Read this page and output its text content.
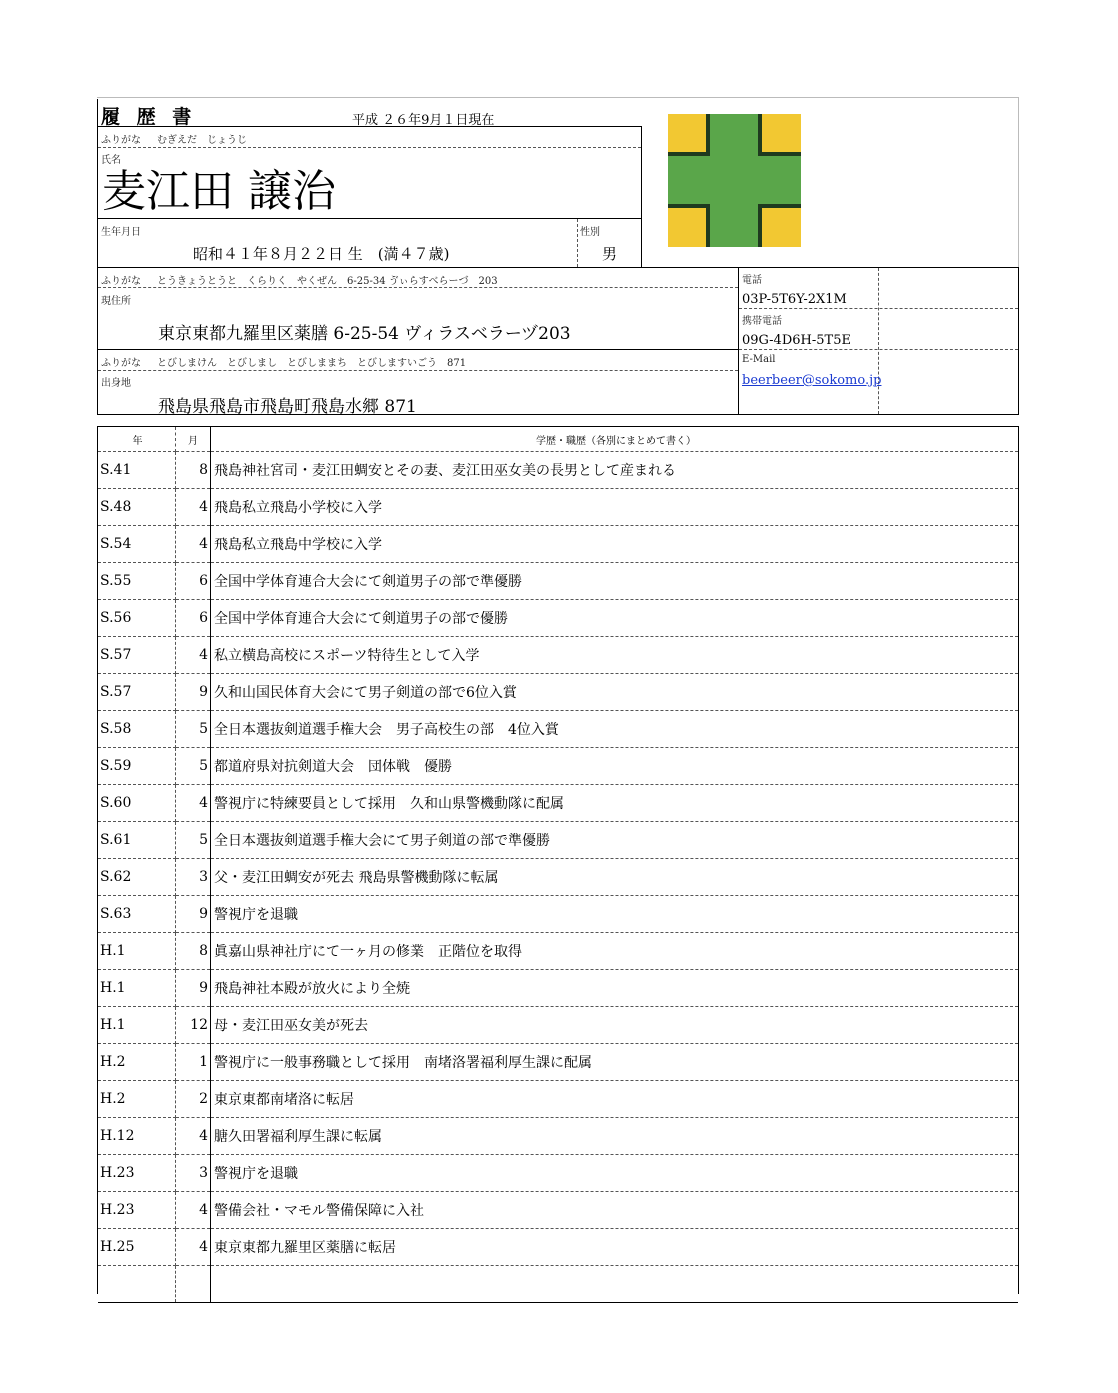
履 歴 書	平成 ２６年9月１日現在
ふりがな むぎえだ　じょうじ
氏名
麦江田 譲治
生年月日
昭和４１年８月２２日 生　(満４７歳)
性別
男
ふりがな とうきょうとうと　くらりく　やくぜん　6-25-34 ゔぃらすべらーづ　203
現住所
東京東都九羅里区薬膳 6-25-54 ヴィラスベラーヅ203
ふりがな とびしまけん　とびしまし　とびしままち　とびしますいごう　871
出身地
飛島県飛島市飛島町飛島水郷 871
電話
03P-5T6Y-2X1M
携帯電話
09G-4D6H-5T5E
E-Mail
beerbeer@sokomo.jp
年	月	学歴・職歴（各別にまとめて書く）
S.41	8	飛島神社宮司・麦江田蜩安とその妻、麦江田巫女美の長男として産まれる
S.48	4	飛島私立飛島小学校に入学
S.54	4	飛島私立飛島中学校に入学
S.55	6	全国中学体育連合大会にて剣道男子の部で準優勝
S.56	6	全国中学体育連合大会にて剣道男子の部で優勝
S.57	4	私立横島高校にスポーツ特待生として入学
S.57	9	久和山国民体育大会にて男子剣道の部で6位入賞
S.58	5	全日本選抜剣道選手権大会　男子高校生の部　4位入賞
S.59	5	都道府県対抗剣道大会　団体戦　優勝
S.60	4	警視庁に特練要員として採用　久和山県警機動隊に配属
S.61	5	全日本選抜剣道選手権大会にて男子剣道の部で準優勝
S.62	3	父・麦江田蜩安が死去 飛島県警機動隊に転属
S.63	9	警視庁を退職
H.1	8	眞嘉山県神社庁にて一ヶ月の修業　正階位を取得
H.1	9	飛島神社本殿が放火により全焼
H.1	12	母・麦江田巫女美が死去
H.2	1	警視庁に一般事務職として採用　南堵洛署福利厚生課に配属
H.2	2	東京東都南堵洛に転居
H.12	4	膅久田署福利厚生課に転属
H.23	3	警視庁を退職
H.23	4	警備会社・マモル警備保障に入社
H.25	4	東京東都九羅里区薬膳に転居
